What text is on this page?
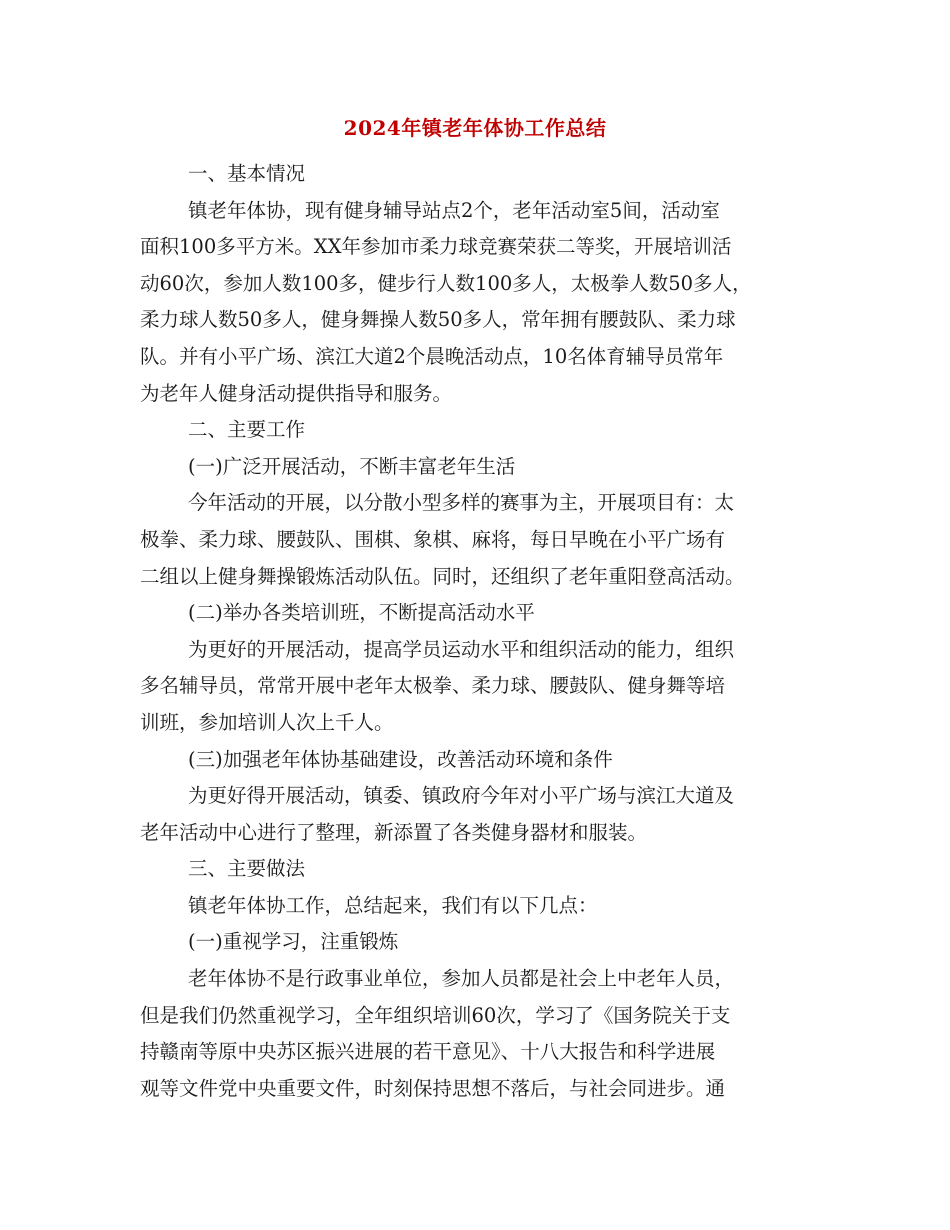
2024年镇老年体协工作总结
一、基本情况
镇老年体协，现有健身辅导站点2个，老年活动室5间，活动室
面积100多平方米。XX年参加市柔力球竞赛荣获二等奖，开展培训活
动60次，参加人数100多，健步行人数100多人，太极拳人数50多人，
柔力球人数50多人，健身舞操人数50多人，常年拥有腰鼓队、柔力球
队。并有小平广场、滨江大道2个晨晚活动点，10名体育辅导员常年
为老年人健身活动提供指导和服务。
二、主要工作
(一)广泛开展活动，不断丰富老年生活
今年活动的开展，以分散小型多样的赛事为主，开展项目有：太
极拳、柔力球、腰鼓队、围棋、象棋、麻将，每日早晚在小平广场有
二组以上健身舞操锻炼活动队伍。同时，还组织了老年重阳登高活动。
(二)举办各类培训班，不断提高活动水平
为更好的开展活动，提高学员运动水平和组织活动的能力，组织
多名辅导员，常常开展中老年太极拳、柔力球、腰鼓队、健身舞等培
训班，参加培训人次上千人。
(三)加强老年体协基础建设，改善活动环境和条件
为更好得开展活动，镇委、镇政府今年对小平广场与滨江大道及
老年活动中心进行了整理，新添置了各类健身器材和服装。
三、主要做法
镇老年体协工作，总结起来，我们有以下几点：
(一)重视学习，注重锻炼
老年体协不是行政事业单位，参加人员都是社会上中老年人员，
但是我们仍然重视学习，全年组织培训60次，学习了《国务院关于支
持赣南等原中央苏区振兴进展的若干意见》、十八大报告和科学进展
观等文件党中央重要文件，时刻保持思想不落后，与社会同进步。通
